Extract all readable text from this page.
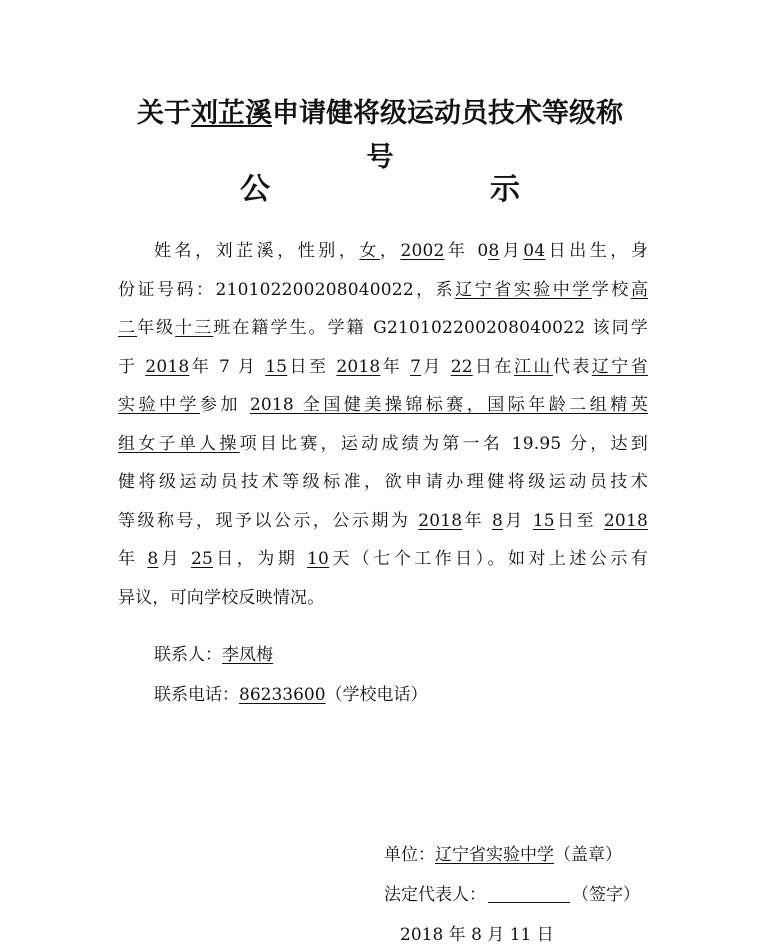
关于刘芷溪申请健将级运动员技术等级称
号
公	示
姓名，刘芷溪，性别，女，2002年 08月04日出生，身
份证号码：210102200208040022，系辽宁省实验中学学校高
二年级十三班在籍学生。学籍 G210102200208040022 该同学
于 2018年 7 月 15日至 2018年 7月 22日在江山代表辽宁省
实验中学参加 2018 全国健美操锦标赛，国际年龄二组精英
组女子单人操项目比赛，运动成绩为第一名 19.95 分，达到
健将级运动员技术等级标准，欲申请办理健将级运动员技术
等级称号，现予以公示，公示期为 2018年 8月 15日至 2018
年 8月 25日，为期 10天（七个工作日）。如对上述公示有
异议，可向学校反映情况。
联系人：李凤梅
联系电话：86233600（学校电话）
单位：辽宁省实验中学（盖章）
法定代表人：	（签字）
2018 年 8 月 11 日
